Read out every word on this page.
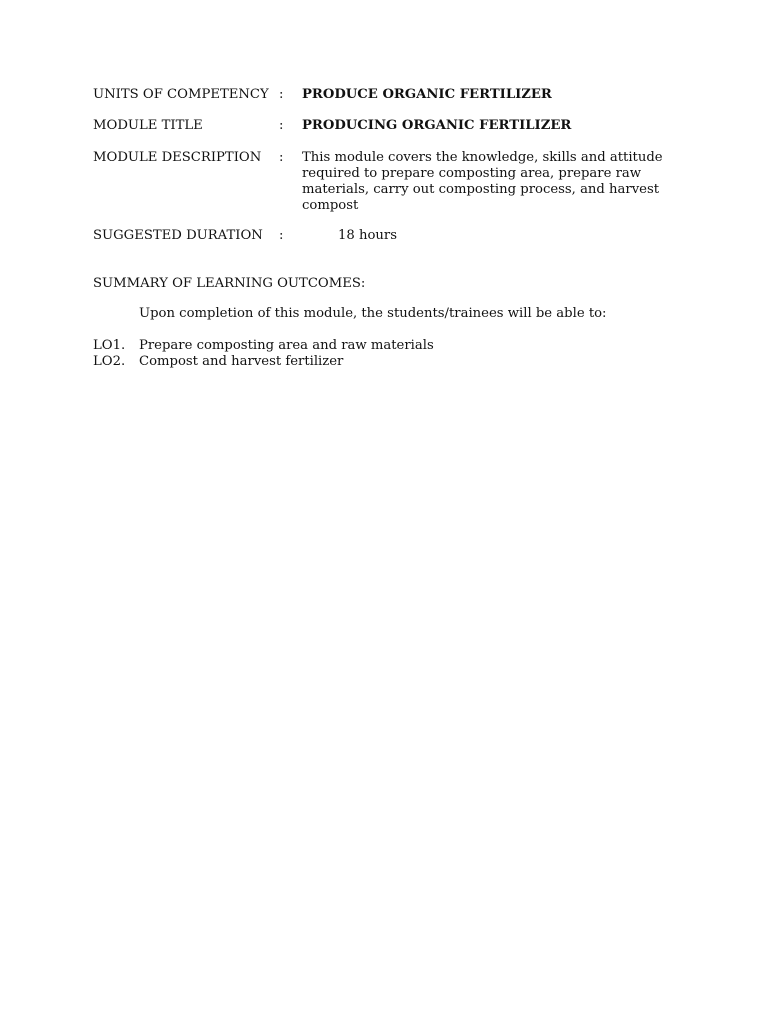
UNITS OF COMPETENCY : PRODUCE ORGANIC FERTILIZER
MODULE TITLE	: PRODUCING ORGANIC FERTILIZER
MODULE DESCRIPTION : This module covers the knowledge, skills and attitude required to prepare composting area, prepare raw materials, carry out composting process, and harvest compost
SUGGESTED DURATION :	18 hours
SUMMARY OF LEARNING OUTCOMES:
Upon completion of this module, the students/trainees will be able to:
LO1. Prepare composting area and raw materials
LO2. Compost and harvest fertilizer
